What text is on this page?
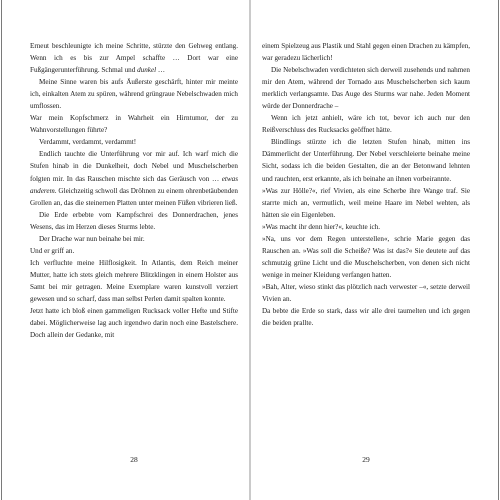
Erneut beschleunigte ich meine Schritte, stürzte den Gehweg entlang. Wenn ich es bis zur Ampel schaffte … Dort war eine Fußgängerunterführung. Schmal und dunkel …

Meine Sinne waren bis aufs Äußerste geschärft, hinter mir meinte ich, einkalten Atem zu spüren, während grüngraue Nebelschwaden mich umflossen.

War mein Kopfschmerz in Wahrheit ein Hirntumor, der zu Wahnvorstellungen führte?

Verdammt, verdammt, verdammt!

Endlich tauchte die Unterführung vor mir auf. Ich warf mich die Stufen hinab in die Dunkelheit, doch Nebel und Muschelscherben folgten mir. In das Rauschen mischte sich das Geräusch von … etwas anderem. Gleichzeitig schwoll das Dröhnen zu einem ohrenbetäubenden Grollen an, das die steinernen Platten unter meinen Füßen vibrieren ließ.

Die Erde erbebte vom Kampfschrei des Donnerdrachen, jenes Wesens, das im Herzen dieses Sturms lebte.

Der Drache war nun beinahe bei mir.

Und er griff an.

Ich verfluchte meine Hilflosigkeit. In Atlantis, dem Reich meiner Mutter, hatte ich stets gleich mehrere Blitzklingen in einem Holster aus Samt bei mir getragen. Meine Exemplare waren kunstvoll verziert gewesen und so scharf, dass man selbst Perlen damit spalten konnte.

Jetzt hatte ich bloß einen gammeligen Rucksack voller Hefte und Stifte dabei. Möglicherweise lag auch irgendwo darin noch eine Bastelschere. Doch allein der Gedanke, mit

28

einem Spielzeug aus Plastik und Stahl gegen einen Drachen zu kämpfen, war geradezu lächerlich!

Die Nebelschwaden verdichteten sich derweil zusehends und nahmen mir den Atem, während der Tornado aus Muschelscherben sich kaum merklich verlangsamte. Das Auge des Sturms war nahe. Jeden Moment würde der Donnerdrache –

Wenn ich jetzt anhielt, wäre ich tot, bevor ich auch nur den Reißverschluss des Rucksacks geöffnet hätte.

Blindlings stürzte ich die letzten Stufen hinab, mitten ins Dämmerlicht der Unterführung. Der Nebel verschleierte beinahe meine Sicht, sodass ich die beiden Gestalten, die an der Betonwand lehnten und rauchten, erst erkannte, als ich beinahe an ihnen vorbeirannte.

»Was zur Hölle?«, rief Vivien, als eine Scherbe ihre Wange traf. Sie starrte mich an, vermutlich, weil meine Haare im Nebel wehten, als hätten sie ein Eigenleben.

»Was macht ihr denn hier?«, keuchte ich.

»Na, uns vor dem Regen unterstellen«, schrie Marie gegen das Rauschen an. »Was soll die Scheiße? Was ist das?« Sie deutete auf das schmutzig grüne Licht und die Muschelscherben, von denen sich nicht wenige in meiner Kleidung verfangen hatten.

»Bah, Alter, wieso stinkt das plötzlich nach verwester –«, setzte derweil Vivien an.

Da bebte die Erde so stark, dass wir alle drei taumelten und ich gegen die beiden prallte.

29
